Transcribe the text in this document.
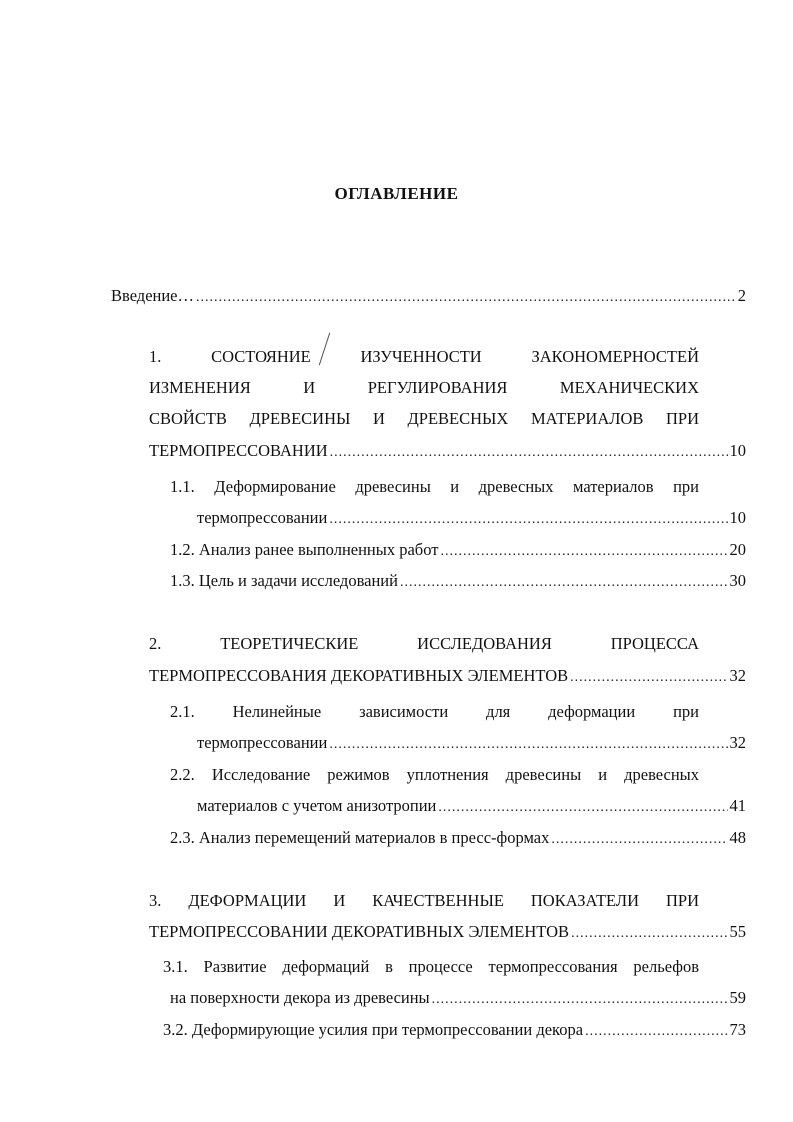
ОГЛАВЛЕНИЕ
Введение… .....	2
1.	СОСТОЯНИЕ	ИЗУЧЕННОСТИ	ЗАКОНОМЕРНОСТЕЙ
ИЗМЕНЕНИЯ	И	РЕГУЛИРОВАНИЯ	МЕХАНИЧЕСКИХ
СВОЙСТВ ДРЕВЕСИНЫ И ДРЕВЕСНЫХ МАТЕРИАЛОВ ПРИ
ТЕРМОПРЕССОВАНИИ .....	10
1.1. Деформирование древесины и древесных материалов при
термопрессовании .....	10
1.2. Анализ ранее выполненных работ .....	20
1.3. Цель и задачи исследований .....	30
2.	ТЕОРЕТИЧЕСКИЕ	ИССЛЕДОВАНИЯ	ПРОЦЕССА
ТЕРМОПРЕССОВАНИЯ ДЕКОРАТИВНЫХ ЭЛЕМЕНТОВ .....	32
2.1. Нелинейные зависимости для деформации при
термопрессовании .....	32
2.2. Исследование режимов уплотнения древесины и древесных
материалов с учетом анизотропии .....	41
2.3. Анализ перемещений материалов в пресс-формах .....	48
3. ДЕФОРМАЦИИ И КАЧЕСТВЕННЫЕ ПОКАЗАТЕЛИ ПРИ
ТЕРМОПРЕССОВАНИИ ДЕКОРАТИВНЫХ ЭЛЕМЕНТОВ .....	55
3.1. Развитие деформаций в процессе термопрессования рельефов
на поверхности декора из древесины .....	59
3.2. Деформирующие усилия при термопрессовании декора .....	73
